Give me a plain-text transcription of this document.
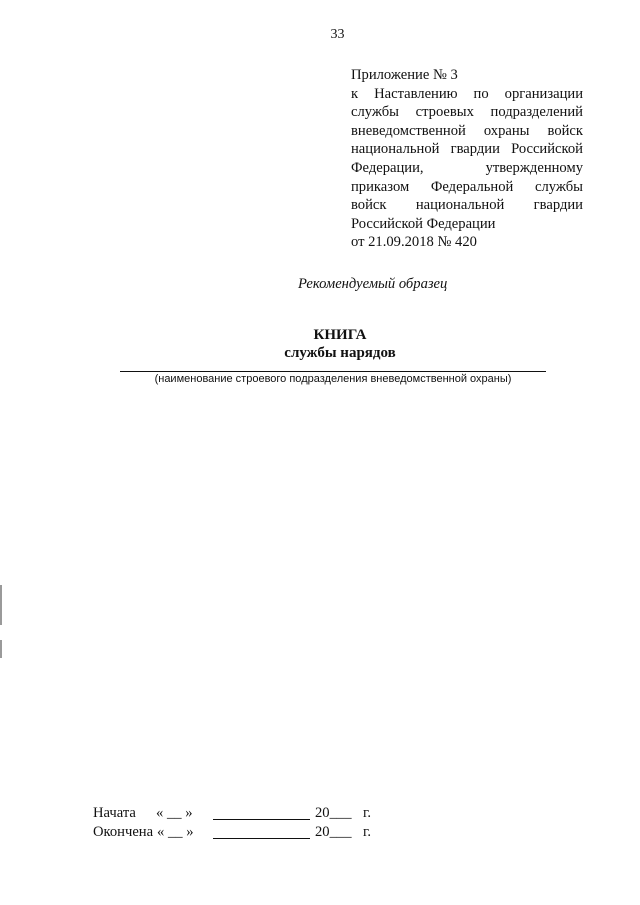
33
Приложение № 3
к Наставлению по организации
службы строевых подразделений
вневедомственной охраны войск
национальной гвардии Российской
Федерации, утвержденному
приказом Федеральной службы
войск национальной гвардии
Российской Федерации
от 21.09.2018 № 420
Рекомендуемый образец
КНИГА
службы нарядов
(наименование строевого подразделения вневедомственной охраны)
Начата « __ »	20___ г.
Окончена « __ »	20___ г.
